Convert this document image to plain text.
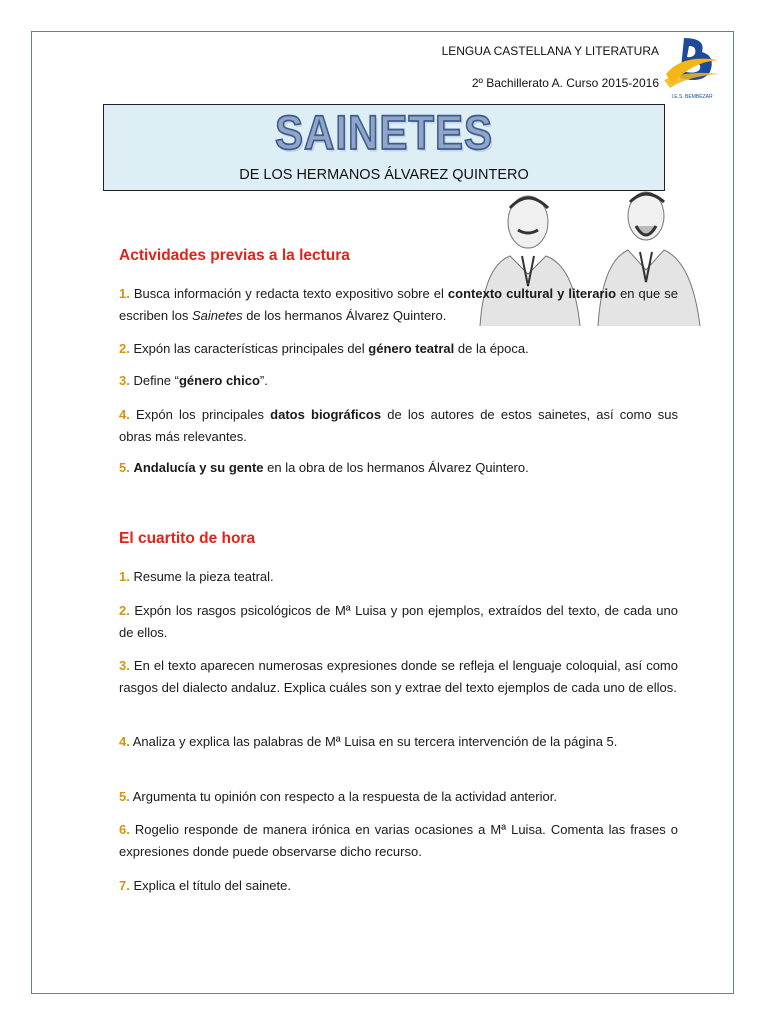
LENGUA CASTELLANA Y LITERATURA
2º Bachillerato A. Curso 2015-2016
I.E.S. BEMBÉZAR
SAINETES
DE LOS HERMANOS ÁLVAREZ QUINTERO
Actividades previas a la lectura
1. Busca información y redacta texto expositivo sobre el contexto cultural y literario en que se escriben los Sainetes de los hermanos Álvarez Quintero.
2. Expón las características principales del género teatral de la época.
3. Define “género chico”.
4. Expón los principales datos biográficos de los autores de estos sainetes, así como sus obras más relevantes.
5. Andalucía y su gente en la obra de los hermanos Álvarez Quintero.
El cuartito de hora
1. Resume la pieza teatral.
2. Expón los rasgos psicológicos de Mª Luisa y pon ejemplos, extraídos del texto, de cada uno de ellos.
3. En el texto aparecen numerosas expresiones donde se refleja el lenguaje coloquial, así como rasgos del dialecto andaluz. Explica cuáles son y extrae del texto ejemplos de cada uno de ellos.
4. Analiza y explica las palabras de Mª Luisa en su tercera intervención de la página 5.
5. Argumenta tu opinión con respecto a la respuesta de la actividad anterior.
6. Rogelio responde de manera irónica en varias ocasiones a Mª Luisa. Comenta las frases o expresiones donde puede observarse dicho recurso.
7. Explica el título del sainete.
